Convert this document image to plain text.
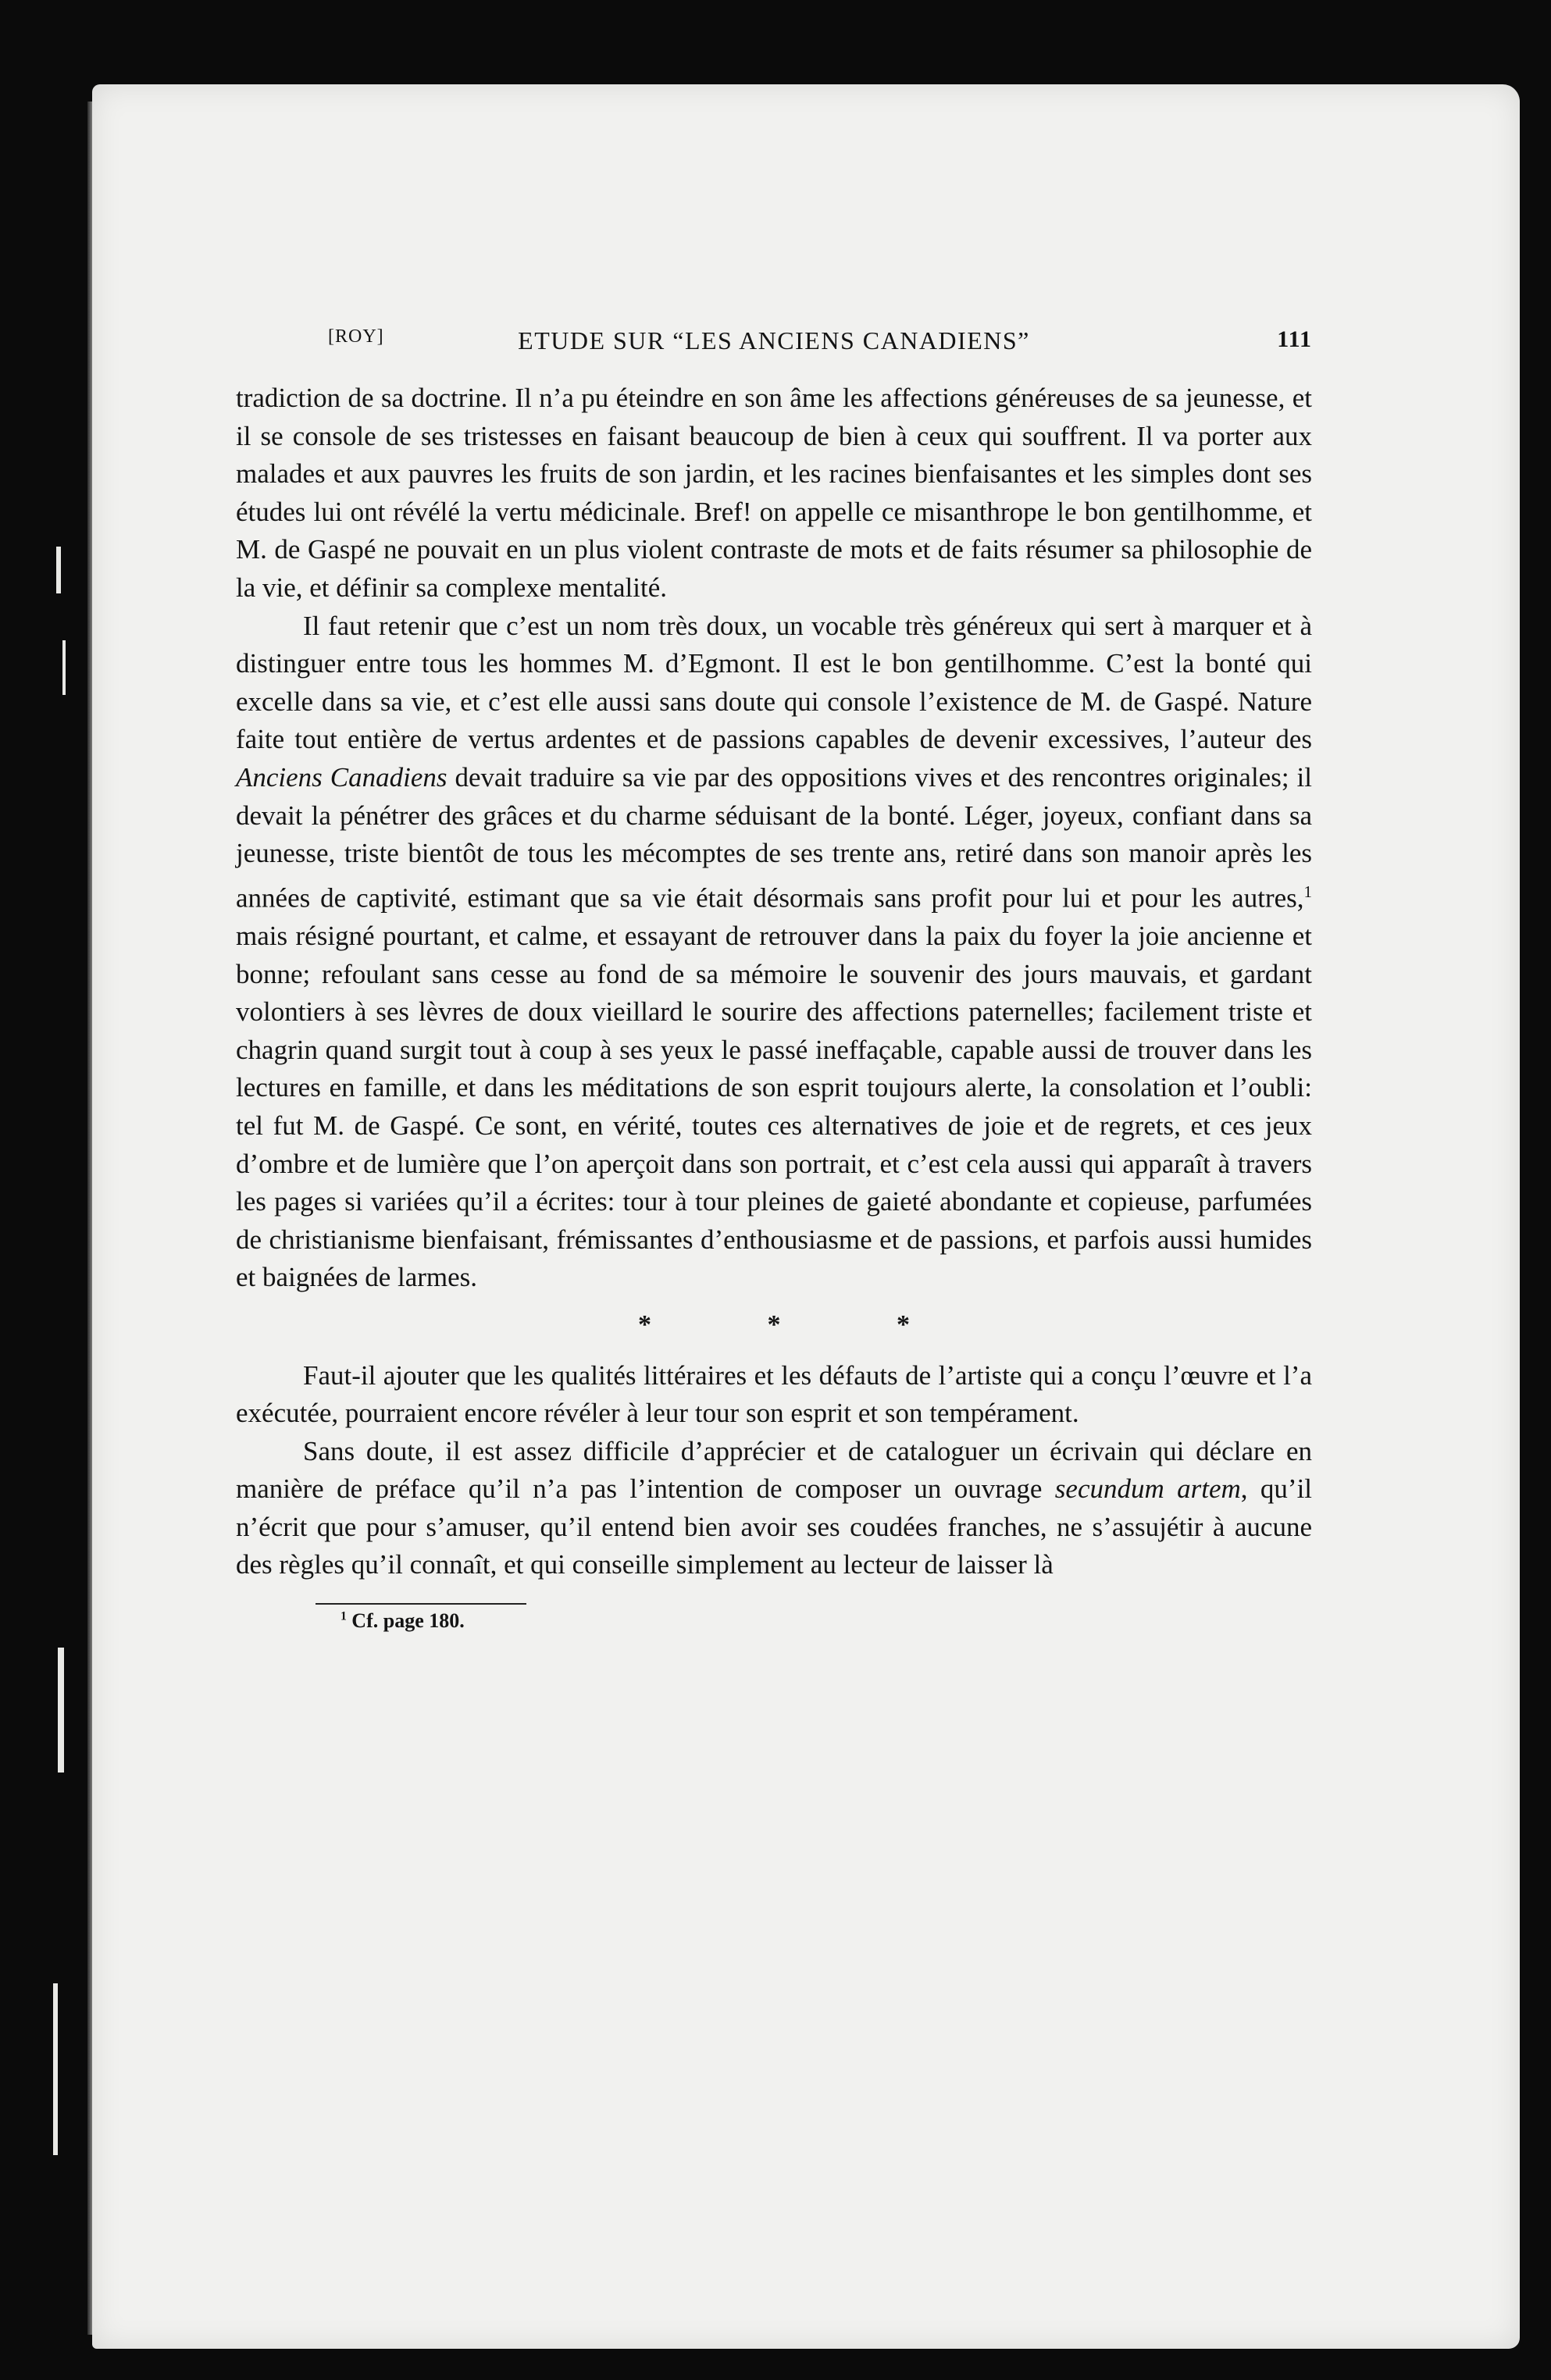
[ROY]	ETUDE SUR “LES ANCIENS CANADIENS”	111

tradiction de sa doctrine. Il n’a pu éteindre en son âme les affections généreuses de sa jeunesse, et il se console de ses tristesses en faisant beaucoup de bien à ceux qui souffrent. Il va porter aux malades et aux pauvres les fruits de son jardin, et les racines bienfaisantes et les simples dont ses études lui ont révélé la vertu médicinale. Bref! on appelle ce misanthrope le bon gentilhomme, et M. de Gaspé ne pouvait en un plus violent contraste de mots et de faits résumer sa philosophie de la vie, et définir sa complexe mentalité.

Il faut retenir que c’est un nom très doux, un vocable très généreux qui sert à marquer et à distinguer entre tous les hommes M. d’Egmont. Il est le bon gentilhomme. C’est la bonté qui excelle dans sa vie, et c’est elle aussi sans doute qui console l’existence de M. de Gaspé. Nature faite tout entière de vertus ardentes et de passions capables de devenir excessives, l’auteur des Anciens Canadiens devait traduire sa vie par des oppositions vives et des rencontres originales; il devait la pénétrer des grâces et du charme séduisant de la bonté. Léger, joyeux, confiant dans sa jeunesse, triste bientôt de tous les mécomptes de ses trente ans, retiré dans son manoir après les années de captivité, estimant que sa vie était désormais sans profit pour lui et pour les autres,$^1$ mais résigné pourtant, et calme, et essayant de retrouver dans la paix du foyer la joie ancienne et bonne; refoulant sans cesse au fond de sa mémoire le souvenir des jours mauvais, et gardant volontiers à ses lèvres de doux vieillard le sourire des affections paternelles; facilement triste et chagrin quand surgit tout à coup à ses yeux le passé ineffaçable, capable aussi de trouver dans les lectures en famille, et dans les méditations de son esprit toujours alerte, la consolation et l’oubli: tel fut M. de Gaspé. Ce sont, en vérité, toutes ces alternatives de joie et de regrets, et ces jeux d’ombre et de lumière que l’on aperçoit dans son portrait, et c’est cela aussi qui apparaît à travers les pages si variées qu’il a écrites: tour à tour pleines de gaieté abondante et copieuse, parfumées de christianisme bienfaisant, frémissantes d’enthousiasme et de passions, et parfois aussi humides et baignées de larmes.

* * *

Faut-il ajouter que les qualités littéraires et les défauts de l’artiste qui a conçu l’œuvre et l’a exécutée, pourraient encore révéler à leur tour son esprit et son tempérament.

Sans doute, il est assez difficile d’apprécier et de cataloguer un écrivain qui déclare en manière de préface qu’il n’a pas l’intention de composer un ouvrage secundum artem, qu’il n’écrit que pour s’amuser, qu’il entend bien avoir ses coudées franches, ne s’assujétir à aucune des règles qu’il connaît, et qui conseille simplement au lecteur de laisser là

$^1$ Cf. page 180.
